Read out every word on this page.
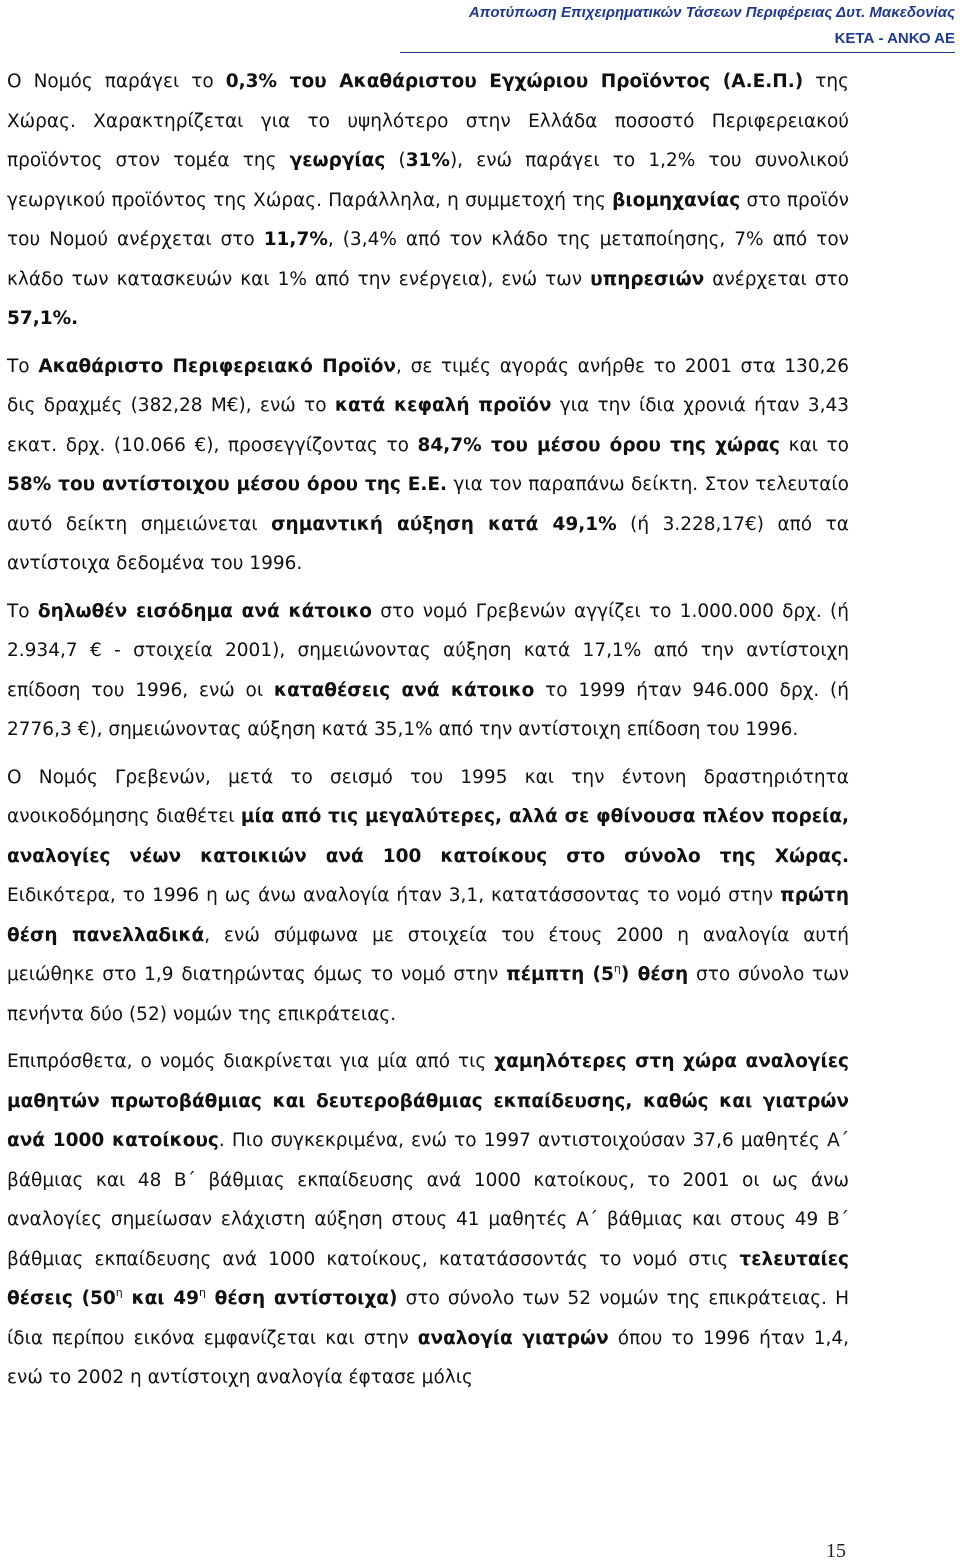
Αποτύπωση Επιχειρηματικών Τάσεων Περιφέρειας Δυτ. Μακεδονίας
ΚΕΤΑ - ΑΝΚΟ ΑΕ

Ο Νομός παράγει το 0,3% του Ακαθάριστου Εγχώριου Προϊόντος (Α.Ε.Π.) της Χώρας. Χαρακτηρίζεται για το υψηλότερο στην Ελλάδα ποσοστό Περιφερειακού προϊόντος στον τομέα της γεωργίας (31%), ενώ παράγει το 1,2% του συνολικού γεωργικού προϊόντος της Χώρας. Παράλληλα, η συμμετοχή της βιομηχανίας στο προϊόν του Νομού ανέρχεται στο 11,7%, (3,4% από τον κλάδο της μεταποίησης, 7% από τον κλάδο των κατασκευών και 1% από την ενέργεια), ενώ των υπηρεσιών ανέρχεται στο 57,1%.

Το Ακαθάριστο Περιφερειακό Προϊόν, σε τιμές αγοράς ανήρθε το 2001 στα 130,26 δις δραχμές (382,28 Μ€), ενώ το κατά κεφαλή προϊόν για την ίδια χρονιά ήταν 3,43 εκατ. δρχ. (10.066 €), προσεγγίζοντας το 84,7% του μέσου όρου της χώρας και το 58% του αντίστοιχου μέσου όρου της Ε.Ε. για τον παραπάνω δείκτη. Στον τελευταίο αυτό δείκτη σημειώνεται σημαντική αύξηση κατά 49,1% (ή 3.228,17€) από τα αντίστοιχα δεδομένα του 1996.

Το δηλωθέν εισόδημα ανά κάτοικο στο νομό Γρεβενών αγγίζει το 1.000.000 δρχ. (ή 2.934,7 € - στοιχεία 2001), σημειώνοντας αύξηση κατά 17,1% από την αντίστοιχη επίδοση του 1996, ενώ οι καταθέσεις ανά κάτοικο το 1999 ήταν 946.000 δρχ. (ή 2776,3 €), σημειώνοντας αύξηση κατά 35,1% από την αντίστοιχη επίδοση του 1996.

Ο Νομός Γρεβενών, μετά το σεισμό του 1995 και την έντονη δραστηριότητα ανοικοδόμησης διαθέτει μία από τις μεγαλύτερες, αλλά σε φθίνουσα πλέον πορεία, αναλογίες νέων κατοικιών ανά 100 κατοίκους στο σύνολο της Χώρας. Ειδικότερα, το 1996 η ως άνω αναλογία ήταν 3,1, κατατάσσοντας το νομό στην πρώτη θέση πανελλαδικά, ενώ σύμφωνα με στοιχεία του έτους 2000 η αναλογία αυτή μειώθηκε στο 1,9 διατηρώντας όμως το νομό στην πέμπτη $(5^\eta)$ θέση στο σύνολο των πενήντα δύο (52) νομών της επικράτειας.

Επιπρόσθετα, ο νομός διακρίνεται για μία από τις χαμηλότερες στη χώρα αναλογίες μαθητών πρωτοβάθμιας και δευτεροβάθμιας εκπαίδευσης, καθώς και γιατρών ανά 1000 κατοίκους. Πιο συγκεκριμένα, ενώ το 1997 αντιστοιχούσαν 37,6 μαθητές Α΄ βάθμιας και 48 Β΄ βάθμιας εκπαίδευσης ανά 1000 κατοίκους, το 2001 οι ως άνω αναλογίες σημείωσαν ελάχιστη αύξηση στους 41 μαθητές Α΄ βάθμιας και στους 49 Β΄ βάθμιας εκπαίδευσης ανά 1000 κατοίκους, κατατάσσοντάς το νομό στις τελευταίες θέσεις ($50^\eta$ και $49^\eta$ θέση αντίστοιχα) στο σύνολο των 52 νομών της επικράτειας. Η ίδια περίπου εικόνα εμφανίζεται και στην αναλογία γιατρών όπου το 1996 ήταν 1,4, ενώ το 2002 η αντίστοιχη αναλογία έφτασε μόλις

15
